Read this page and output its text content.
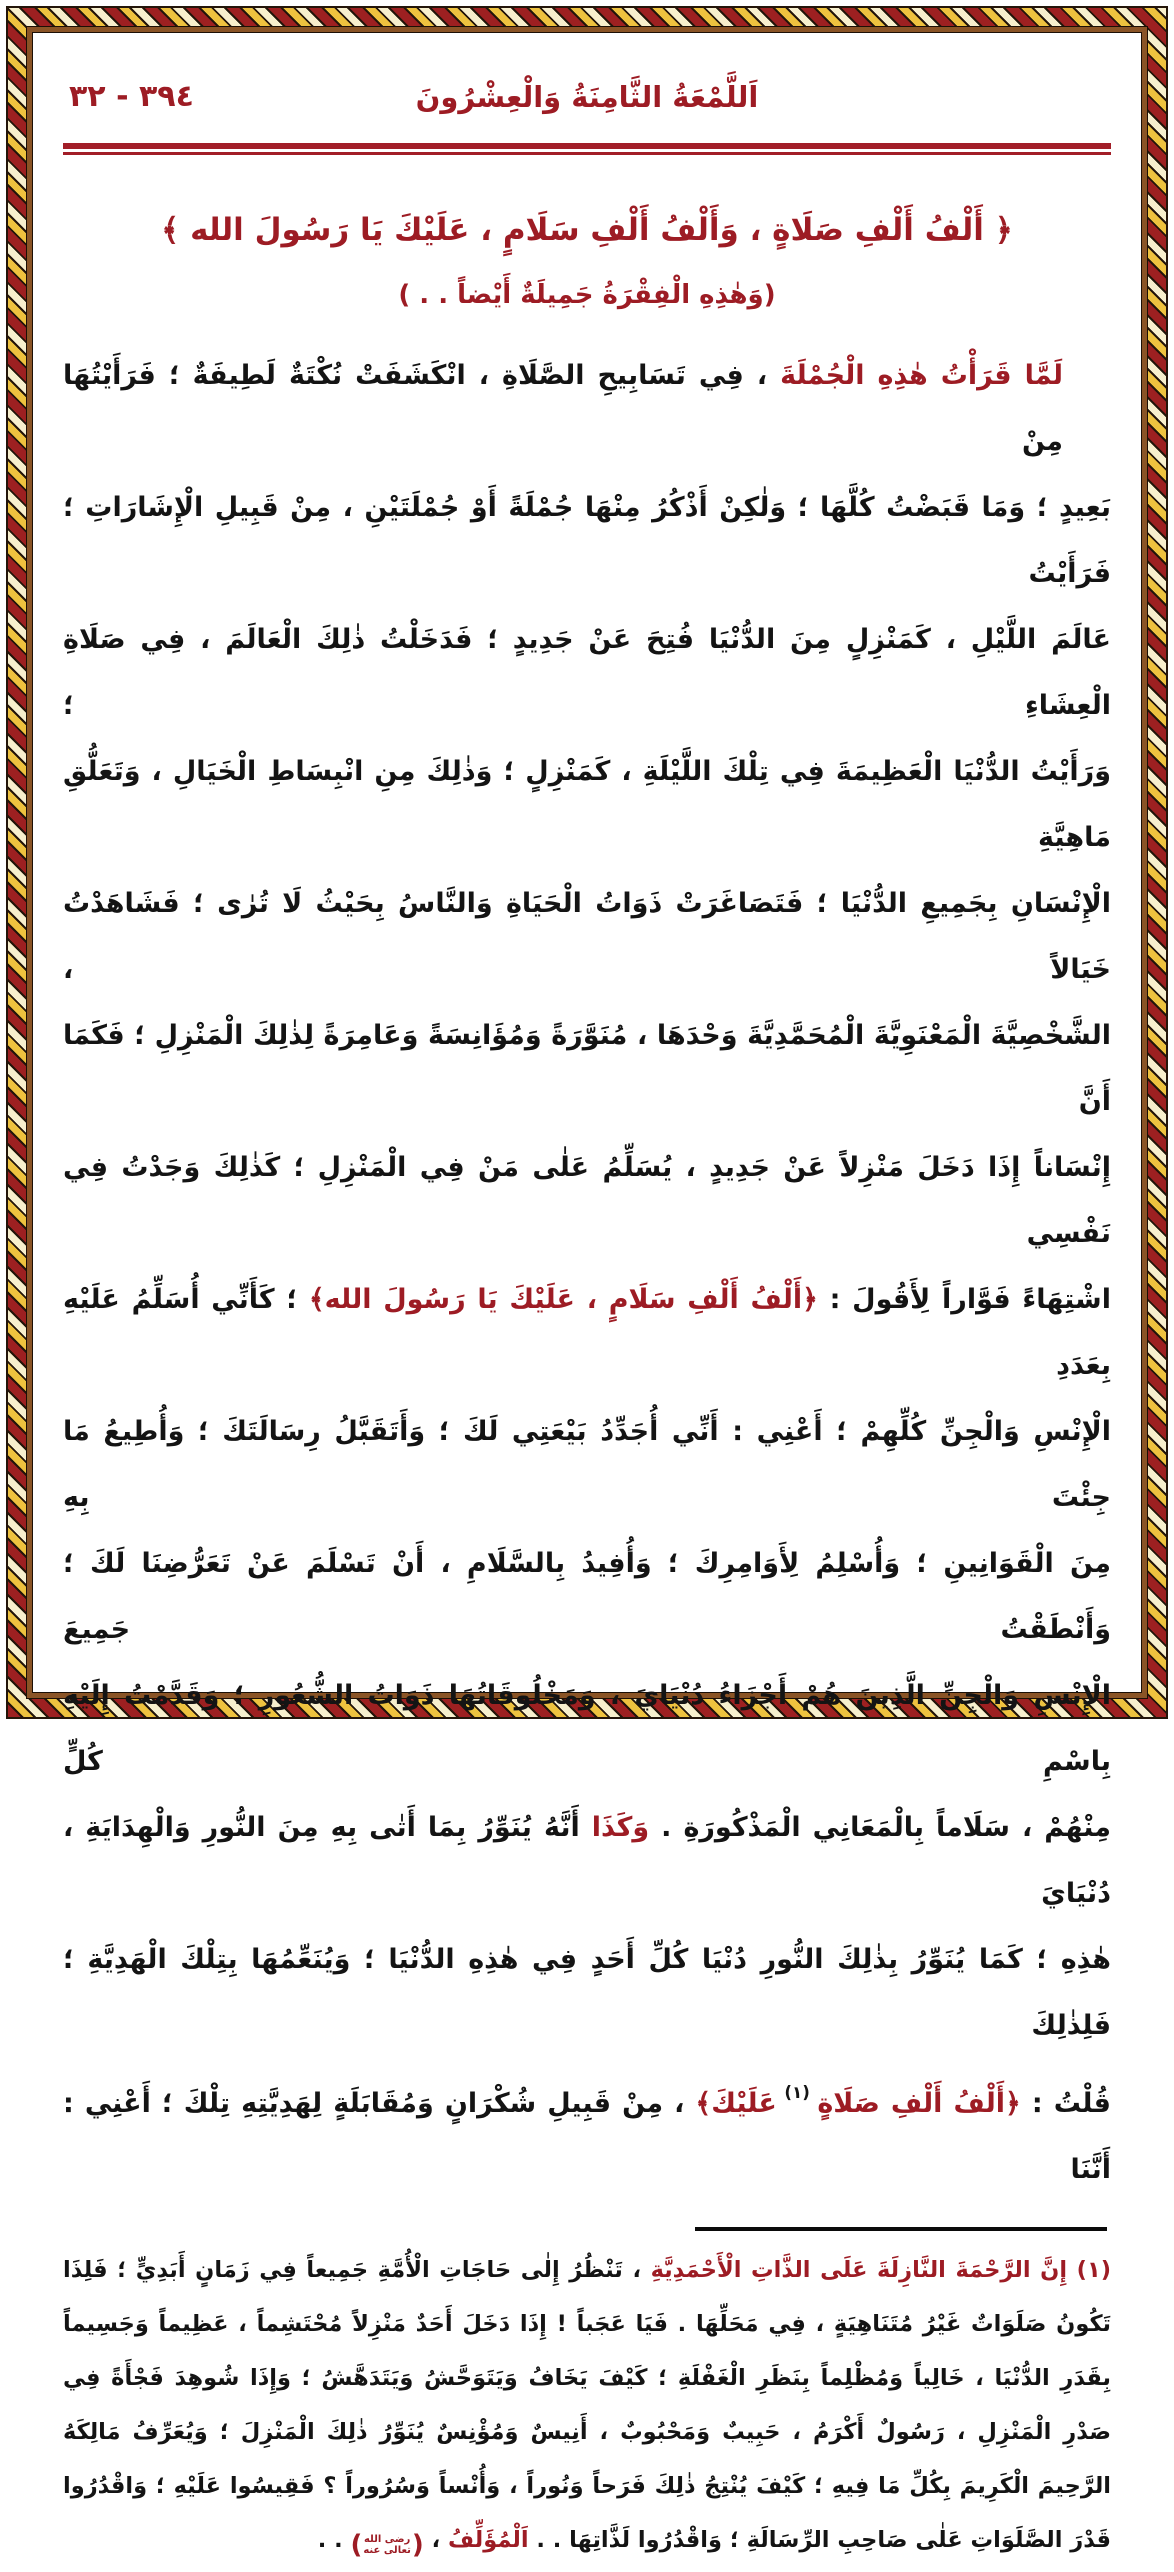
اَللَّمْعَةُ الثَّامِنَةُ وَالْعِشْرُونَ
٣٩٤ - ٣٢
﴿ أَلْفُ أَلْفِ صَلَاةٍ ، وَأَلْفُ أَلْفِ سَلَامٍ ، عَلَيْكَ يَا رَسُولَ الله ﴾
(وَهٰذِهِ الْفِقْرَةُ جَمِيلَةٌ أَيْضاً . . )
لَمَّا قَرَأْتُ هٰذِهِ الْجُمْلَةَ ، فِي تَسَابِيحِ الصَّلَاةِ ، انْكَشَفَتْ نُكْتَةٌ لَطِيفَةٌ ؛ فَرَأَيْتُهَا مِنْ
بَعِيدٍ ؛ وَمَا قَبَضْتُ كُلَّهَا ؛ وَلٰكِنْ أَذْكُرُ مِنْهَا جُمْلَةً أَوْ جُمْلَتَيْنِ ، مِنْ قَبِيلِ الْإِشَارَاتِ ؛ فَرَأَيْتُ
عَالَمَ اللَّيْلِ ، كَمَنْزِلٍ مِنَ الدُّنْيَا فُتِحَ عَنْ جَدِيدٍ ؛ فَدَخَلْتُ ذٰلِكَ الْعَالَمَ ، فِي صَلَاةِ الْعِشَاءِ ؛
وَرَأَيْتُ الدُّنْيَا الْعَظِيمَةَ فِي تِلْكَ اللَّيْلَةِ ، كَمَنْزِلٍ ؛ وَذٰلِكَ مِنِ انْبِسَاطِ الْخَيَالِ ، وَتَعَلُّقِ مَاهِيَّةِ
الْإِنْسَانِ بِجَمِيعِ الدُّنْيَا ؛ فَتَصَاغَرَتْ ذَوَاتُ الْحَيَاةِ وَالنَّاسُ بِحَيْثُ لَا تُرٰى ؛ فَشَاهَدْتُ خَيَالاً ،
الشَّخْصِيَّةَ الْمَعْنَوِيَّةَ الْمُحَمَّدِيَّةَ وَحْدَهَا ، مُنَوَّرَةً وَمُؤَانِسَةً وَعَامِرَةً لِذٰلِكَ الْمَنْزِلِ ؛ فَكَمَا أَنَّ
إِنْسَاناً إِذَا دَخَلَ مَنْزِلاً عَنْ جَدِيدٍ ، يُسَلِّمُ عَلٰى مَنْ فِي الْمَنْزِلِ ؛ كَذٰلِكَ وَجَدْتُ فِي نَفْسِي
اشْتِهَاءً فَوَّاراً لِأَقُولَ : ﴿أَلْفُ أَلْفِ سَلَامٍ ، عَلَيْكَ يَا رَسُولَ الله﴾ ؛ كَأَنِّي أُسَلِّمُ عَلَيْهِ بِعَدَدِ
الْإِنْسِ وَالْجِنِّ كُلِّهِمْ ؛ أَعْنِي : أَنِّي أُجَدِّدُ بَيْعَتِي لَكَ ؛ وَأَتَقَبَّلُ رِسَالَتَكَ ؛ وَأُطِيعُ مَا جِئْتَ بِهِ
مِنَ الْقَوَانِينِ ؛ وَأُسْلِمُ لِأَوَامِرِكَ ؛ وَأُفِيدُ بِالسَّلَامِ ، أَنْ تَسْلَمَ عَنْ تَعَرُّضِنَا لَكَ ؛ وَأَنْطَقْتُ جَمِيعَ
الْإِنْسِ وَالْجِنِّ الَّذِينَ هُمْ أَجْزَاءُ دُنْيَايَ ، وَمَخْلُوقَاتُهَا ذَوَاتُ الشُّعُورِ ؛ وَقَدَّمْتُ إِلَيْهِ بِاسْمِ كُلٍّ
مِنْهُمْ ، سَلَاماً بِالْمَعَانِي الْمَذْكُورَةِ . وَكَذَا أَنَّهُ يُنَوِّرُ بِمَا أَتٰى بِهِ مِنَ النُّورِ وَالْهِدَايَةِ ، دُنْيَايَ
هٰذِهِ ؛ كَمَا يُنَوِّرُ بِذٰلِكَ النُّورِ دُنْيَا كُلِّ أَحَدٍ فِي هٰذِهِ الدُّنْيَا ؛ وَيُنَعِّمُهَا بِتِلْكَ الْهَدِيَّةِ ؛ فَلِذٰلِكَ
قُلْتُ : ﴿أَلْفُ أَلْفِ صَلَاةٍ $^{(١)}$ عَلَيْكَ﴾ ، مِنْ قَبِيلِ شُكْرَانٍ وَمُقَابَلَةٍ لِهَدِيَّتِهِ تِلْكَ ؛ أَعْنِي : أَنَّنَا
(١) إِنَّ الرَّحْمَةَ النَّازِلَةَ عَلَى الذَّاتِ الْأَحْمَدِيَّةِ ، تَنْظُرُ إِلٰى حَاجَاتِ الْأُمَّةِ جَمِيعاً فِي زَمَانٍ أَبَدِيٍّ ؛ فَلِذَا
تَكُونُ صَلَوَاتٌ غَيْرُ مُتَنَاهِيَةٍ ، فِي مَحَلِّهَا . فَيَا عَجَباً ! إِذَا دَخَلَ أَحَدٌ مَنْزِلاً مُحْتَشِماً ، عَظِيماً وَجَسِيماً
بِقَدَرِ الدُّنْيَا ، خَالِياً وَمُظْلِماً بِنَظَرِ الْغَفْلَةِ ؛ كَيْفَ يَخَافُ وَيَتَوَحَّشُ وَيَتَدَهَّشُ ؛ وَإِذَا شُوهِدَ فَجْأَةً فِي
صَدْرِ الْمَنْزِلِ ، رَسُولٌ أَكْرَمُ ، حَبِيبٌ وَمَحْبُوبٌ ، أَنِيسٌ وَمُؤْنِسٌ يُنَوِّرُ ذٰلِكَ الْمَنْزِلَ ؛ وَيُعَرِّفُ مَالِكَهُ
الرَّحِيمَ الْكَرِيمَ بِكُلِّ مَا فِيهِ ؛ كَيْفَ يُنْتِجُ ذٰلِكَ فَرَحاً وَنُوراً ، وَأُنْساً وَسُرُوراً ؟ فَقِيسُوا عَلَيْهِ ؛ وَاقْدُرُوا
قَدْرَ الصَّلَوَاتِ عَلٰى صَاحِبِ الرِّسَالَةِ ؛ وَاقْدُرُوا لَذَّاتِهَا . . اَلْمُؤَلِّفُ ،
(
رضى الله
تعالى عنه
)
. .
